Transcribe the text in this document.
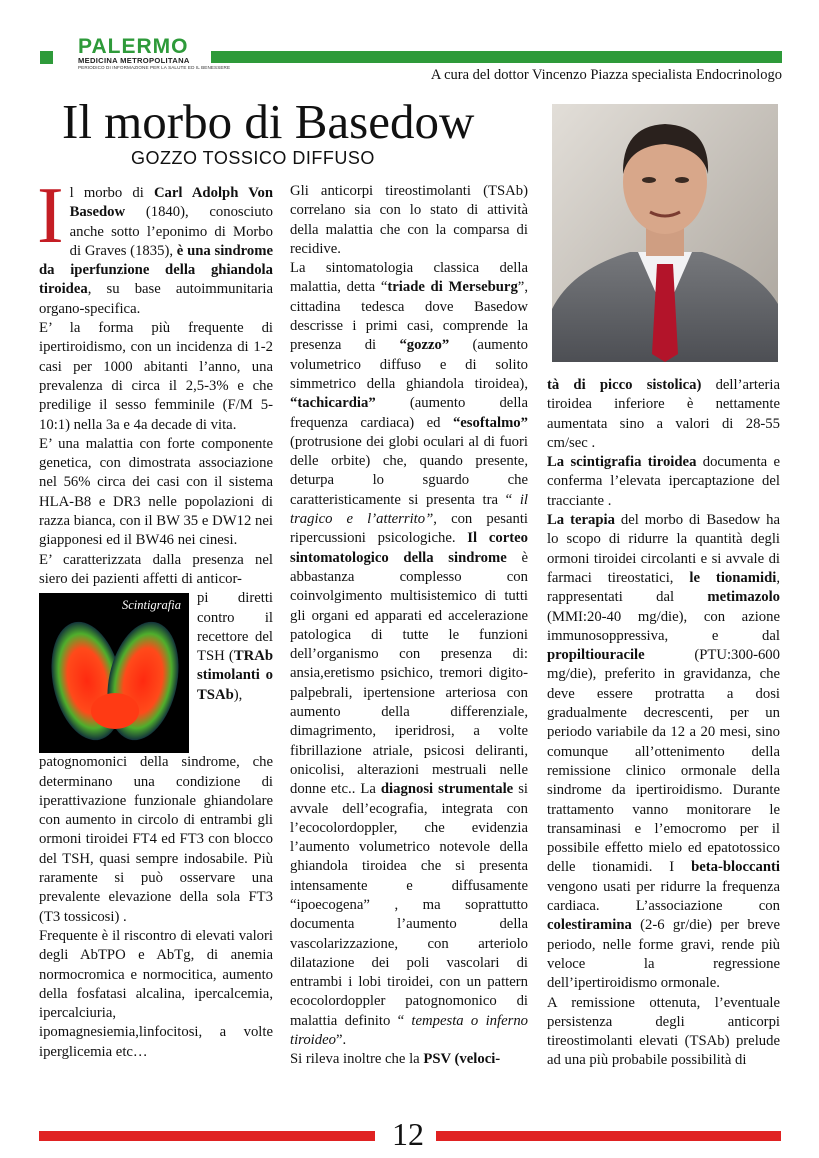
PALERMO
MEDICINA METROPOLITANA
PERIODICO DI INFORMAZIONE PER LA SALUTE ED IL BENESSERE	A cura del dottor Vincenzo Piazza specialista Endocrinologo
Il morbo di Basedow
GOZZO TOSSICO DIFFUSO
I l morbo di Carl Adolph Von Basedow (1840), conosciuto anche sotto l’eponimo di Morbo di Graves (1835), è una sindrome da iperfunzione della ghiandola tiroidea, su base autoimmunitaria organo-specifica.

E’ la forma più frequente di ipertiroidismo, con un incidenza di 1-2 casi per 1000 abitanti l’anno, una prevalenza di circa il 2,5-3% e che predilige il sesso femminile (F/M 5-10:1) nella 3a e 4a decade di vita.

E’ una malattia con forte componente genetica, con dimostrata associazione nel 56% circa dei casi con il sistema HLA-B8 e DR3 nelle popolazioni di razza bianca, con il BW 35 e DW12 nei giapponesi ed il BW46 nei cinesi.

E’ caratterizzata dalla presenza nel siero dei pazienti affetti di anticor-

Scintigrafia	pi diretti contro il recettore del TSH (TRAb stimolanti o TSAb), patognomonici della sindrome, che determinano una condizione di iperattivazione funzionale ghiandolare con aumento in circolo di entrambi gli ormoni tiroidei FT4 ed FT3 con blocco del TSH, quasi sempre indosabile. Più raramente si può osservare una prevalente elevazione della sola FT3 (T3 tossicosi) .

Frequente è il riscontro di elevati valori degli AbTPO e AbTg, di anemia normocromica e normocitica, aumento della fosfatasi alcalina, ipercalcemia, ipercalciuria, ipomagnesiemia,linfocitosi, a volte iperglicemia etc…

Gli anticorpi tireostimolanti (TSAb) correlano sia con lo stato di attività della malattia che con la comparsa di recidive.

La sintomatologia classica della malattia, detta “triade di Merseburg”, cittadina tedesca dove Basedow descrisse i primi casi, comprende la presenza di “gozzo” (aumento volumetrico diffuso e di solito simmetrico della ghiandola tiroidea), “tachicardia” (aumento della frequenza cardiaca) ed “esoftalmo” (protrusione dei globi oculari al di fuori delle orbite) che, quando presente, deturpa lo sguardo che caratteristicamente si presenta tra “ il tragico e l’atterrito”, con pesanti ripercussioni psicologiche. Il corteo sintomatologico della sindrome è abbastanza complesso con coinvolgimento multisistemico di tutti gli organi ed apparati ed accelerazione patologica di tutte le funzioni dell’organismo con presenza di: ansia,eretismo psichico, tremori digito-palpebrali, ipertensione arteriosa con aumento della differenziale, dimagrimento, iperidrosi, a volte fibrillazione atriale, psicosi deliranti, onicolisi, alterazioni mestruali nelle donne etc.. La diagnosi strumentale si avvale dell’ecografia, integrata con l’ecocolordoppler, che evidenzia l’aumento volumetrico notevole della ghiandola tiroidea che si presenta intensamente e diffusamente “ipoecogena” , ma soprattutto documenta l’aumento della vascolarizzazione, con arteriolo dilatazione dei poli vascolari di entrambi i lobi tiroidei, con un pattern ecocolordoppler patognomonico di malattia definito “ tempesta o inferno tiroideo”.

Si rileva inoltre che la PSV (veloci-

tà di picco sistolica) dell’arteria tiroidea inferiore è nettamente aumentata sino a valori di 28-55 cm/sec .

La scintigrafia tiroidea documenta e conferma l’elevata ipercaptazione del tracciante .

La terapia del morbo di Basedow ha lo scopo di ridurre la quantità degli ormoni tiroidei circolanti e si avvale di farmaci tireostatici, le tionamidi, rappresentati dal metimazolo (MMI:20-40 mg/die), con azione immunosoppressiva, e dal propiltiouracile (PTU:300-600 mg/die), preferito in gravidanza, che deve essere protratta a dosi gradualmente decrescenti, per un periodo variabile da 12 a 20 mesi, sino comunque all’ottenimento della remissione clinico ormonale della sindrome da ipertiroidismo. Durante trattamento vanno monitorare le transaminasi e l’emocromo per il possibile effetto mielo ed epatotossico delle tionamidi. I beta-bloccanti vengono usati per ridurre la frequenza cardiaca. L’associazione con colestiramina (2-6 gr/die) per breve periodo, nelle forme gravi, rende più veloce la regressione dell’ipertiroidismo ormonale.

A remissione ottenuta, l’eventuale persistenza degli anticorpi tireostimolanti elevati (TSAb) prelude ad una più probabile possibilità di

12
